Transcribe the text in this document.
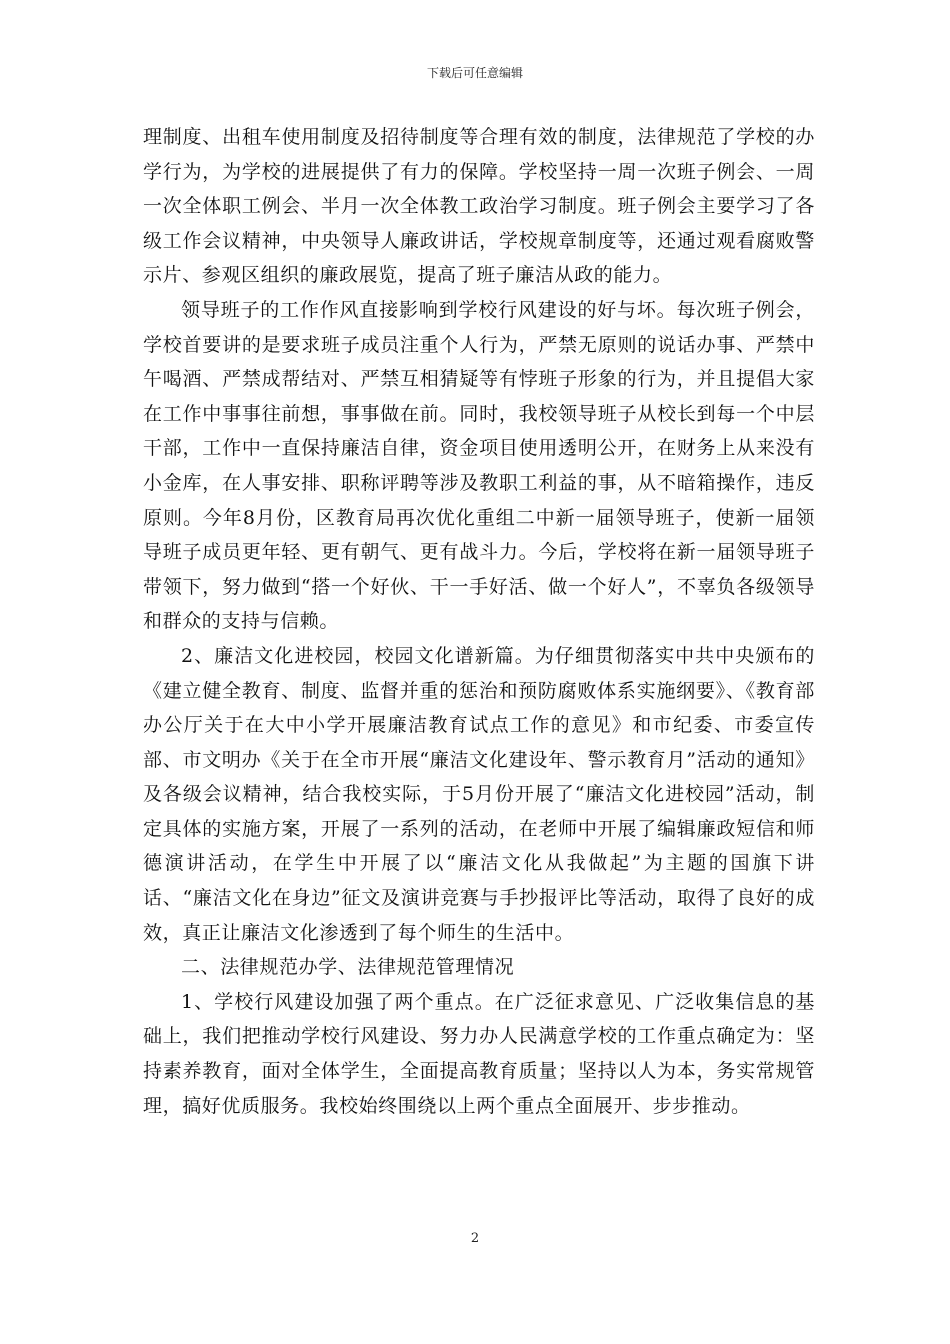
下载后可任意编辑

理制度、出租车使用制度及招待制度等合理有效的制度，法律规范了学校的办学行为，为学校的进展提供了有力的保障。学校坚持一周一次班子例会、一周一次全体职工例会、半月一次全体教工政治学习制度。班子例会主要学习了各级工作会议精神，中央领导人廉政讲话，学校规章制度等，还通过观看腐败警示片、参观区组织的廉政展览，提高了班子廉洁从政的能力。

领导班子的工作作风直接影响到学校行风建设的好与坏。每次班子例会，学校首要讲的是要求班子成员注重个人行为，严禁无原则的说话办事、严禁中午喝酒、严禁成帮结对、严禁互相猜疑等有悖班子形象的行为，并且提倡大家在工作中事事往前想，事事做在前。同时，我校领导班子从校长到每一个中层干部，工作中一直保持廉洁自律，资金项目使用透明公开，在财务上从来没有小金库，在人事安排、职称评聘等涉及教职工利益的事，从不暗箱操作，违反原则。今年8月份，区教育局再次优化重组二中新一届领导班子，使新一届领导班子成员更年轻、更有朝气、更有战斗力。今后，学校将在新一届领导班子带领下，努力做到“搭一个好伙、干一手好活、做一个好人”，不辜负各级领导和群众的支持与信赖。

2、廉洁文化进校园，校园文化谱新篇。为仔细贯彻落实中共中央颁布的《建立健全教育、制度、监督并重的惩治和预防腐败体系实施纲要》、《教育部办公厅关于在大中小学开展廉洁教育试点工作的意见》和市纪委、市委宣传部、市文明办《关于在全市开展“廉洁文化建设年、警示教育月”活动的通知》及各级会议精神，结合我校实际，于5月份开展了“廉洁文化进校园”活动，制定具体的实施方案，开展了一系列的活动，在老师中开展了编辑廉政短信和师德演讲活动，在学生中开展了以“廉洁文化从我做起”为主题的国旗下讲话、“廉洁文化在身边”征文及演讲竞赛与手抄报评比等活动，取得了良好的成效，真正让廉洁文化渗透到了每个师生的生活中。

二、法律规范办学、法律规范管理情况

1、学校行风建设加强了两个重点。在广泛征求意见、广泛收集信息的基础上，我们把推动学校行风建设、努力办人民满意学校的工作重点确定为：坚持素养教育，面对全体学生，全面提高教育质量；坚持以人为本，务实常规管理，搞好优质服务。我校始终围绕以上两个重点全面展开、步步推动。

2
